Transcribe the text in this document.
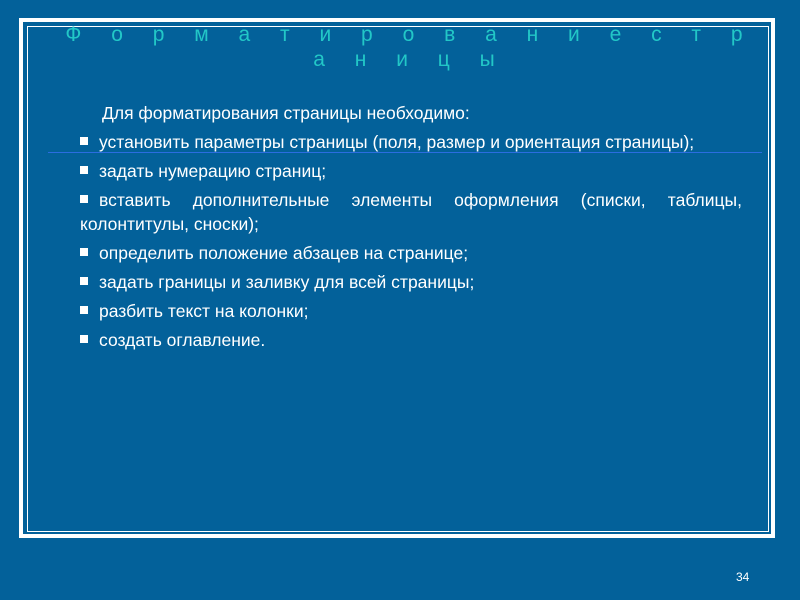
Ф о р м а т и р о в а н и е с т р а н и ц ы

Для форматирования страницы необходимо:

установить параметры страницы (поля, размер и ориентация страницы);
задать нумерацию страниц;
вставить дополнительные элементы оформления (списки, таблицы, колонтитулы, сноски);
определить положение абзацев на странице;
задать границы и заливку для всей страницы;
разбить текст на колонки;
создать оглавление.
34
